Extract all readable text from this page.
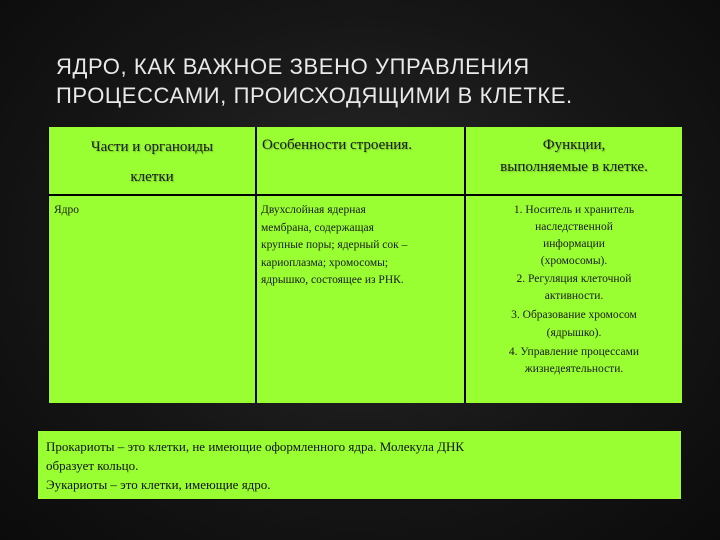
ЯДРО, КАК ВАЖНОЕ ЗВЕНО УПРАВЛЕНИЯ
ПРОЦЕССАМИ, ПРОИСХОДЯЩИМИ В КЛЕТКЕ.
Части и органоиды
клетки
Особенности строения.	Функции,
выполняемые в клетке.
Ядро	Двухслойная ядерная
мембрана, содержащая
крупные поры; ядерный сок –
кариоплазма; хромосомы;
ядрышко, состоящее из РНК.
1. Носитель и хранитель
наследственной
информации
(хромосомы).
2. Регуляция клеточной
активности.
3. Образование хромосом
(ядрышко).
4. Управление процессами
жизнедеятельности.
Прокариоты – это клетки, не имеющие оформленного ядра. Молекула ДНК
образует кольцо.
Эукариоты – это клетки, имеющие ядро.
